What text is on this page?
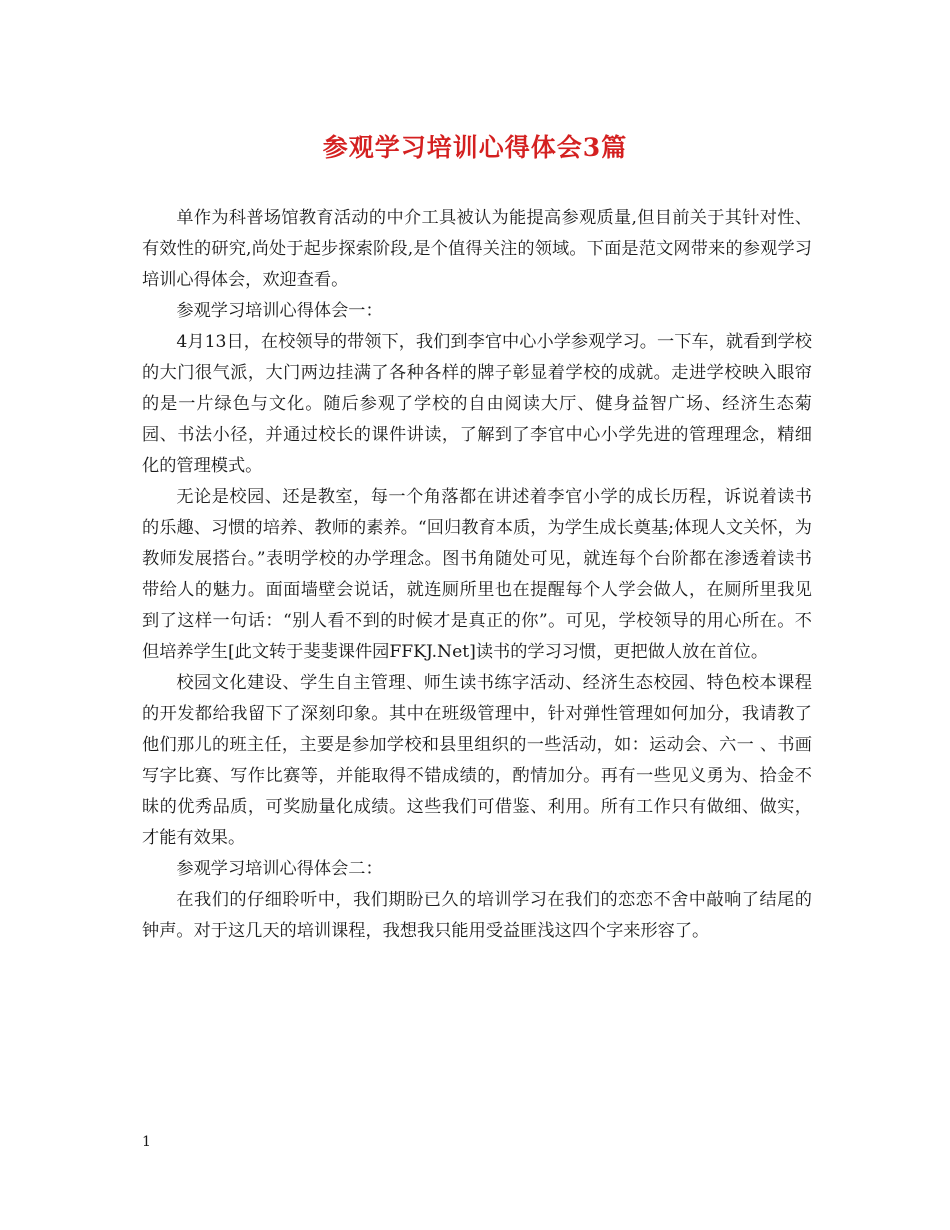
参观学习培训心得体会3篇

单作为科普场馆教育活动的中介工具被认为能提高参观质量,但目前关于其针对性、有效性的研究,尚处于起步探索阶段,是个值得关注的领域。下面是范文网带来的参观学习培训心得体会，欢迎查看。

参观学习培训心得体会一：

4月13日，在校领导的带领下，我们到李官中心小学参观学习。一下车，就看到学校的大门很气派，大门两边挂满了各种各样的牌子彰显着学校的成就。走进学校映入眼帘的是一片绿色与文化。随后参观了学校的自由阅读大厅、健身益智广场、经济生态菊园、书法小径，并通过校长的课件讲读，了解到了李官中心小学先进的管理理念，精细化的管理模式。

无论是校园、还是教室，每一个角落都在讲述着李官小学的成长历程，诉说着读书的乐趣、习惯的培养、教师的素养。“回归教育本质，为学生成长奠基;体现人文关怀，为教师发展搭台。”表明学校的办学理念。图书角随处可见，就连每个台阶都在渗透着读书带给人的魅力。面面墙壁会说话，就连厕所里也在提醒每个人学会做人，在厕所里我见到了这样一句话：“别人看不到的时候才是真正的你”。可见，学校领导的用心所在。不但培养学生[此文转于斐斐课件园FFKJ.Net]读书的学习习惯，更把做人放在首位。

校园文化建设、学生自主管理、师生读书练字活动、经济生态校园、特色校本课程的开发都给我留下了深刻印象。其中在班级管理中，针对弹性管理如何加分，我请教了他们那儿的班主任，主要是参加学校和县里组织的一些活动，如：运动会、六一 、书画写字比赛、写作比赛等，并能取得不错成绩的，酌情加分。再有一些见义勇为、拾金不昧的优秀品质，可奖励量化成绩。这些我们可借鉴、利用。所有工作只有做细、做实，才能有效果。

参观学习培训心得体会二：

在我们的仔细聆听中，我们期盼已久的培训学习在我们的恋恋不舍中敲响了结尾的钟声。对于这几天的培训课程，我想我只能用受益匪浅这四个字来形容了。

1
